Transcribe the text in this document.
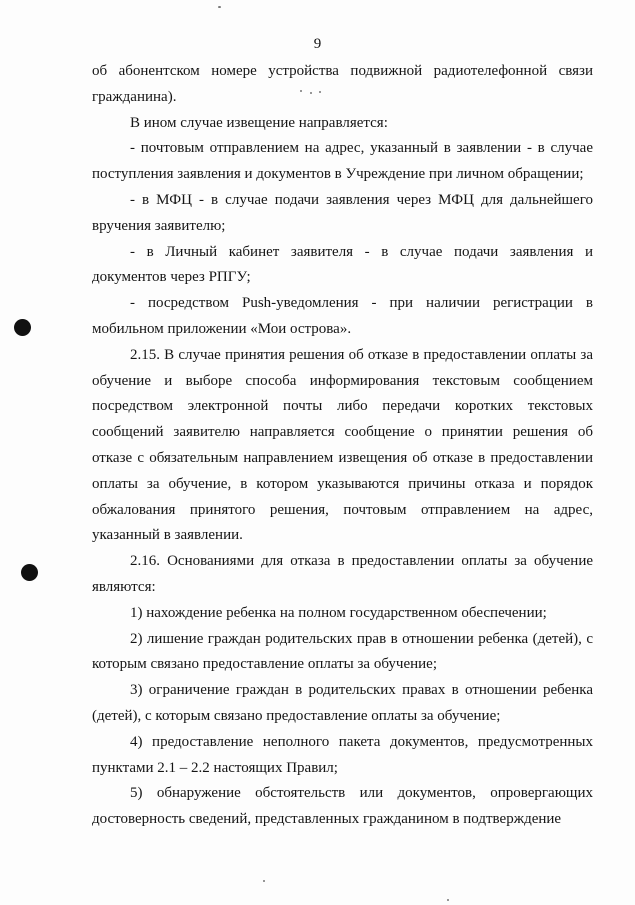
9

об абонентском номере устройства подвижной радиотелефонной связи гражданина).

В ином случае извещение направляется:

- почтовым отправлением на адрес, указанный в заявлении - в случае поступления заявления и документов в Учреждение при личном обращении;

- в МФЦ - в случае подачи заявления через МФЦ для дальнейшего вручения заявителю;

- в Личный кабинет заявителя - в случае подачи заявления и документов через РПГУ;

- посредством Push-уведомления - при наличии регистрации в мобильном приложении «Мои острова».

2.15. В случае принятия решения об отказе в предоставлении оплаты за обучение и выборе способа информирования текстовым сообщением посредством электронной почты либо передачи коротких текстовых сообщений заявителю направляется сообщение о принятии решения об отказе с обязательным направлением извещения об отказе в предоставлении оплаты за обучение, в котором указываются причины отказа и порядок обжалования принятого решения, почтовым отправлением на адрес, указанный в заявлении.

2.16. Основаниями для отказа в предоставлении оплаты за обучение являются:

1) нахождение ребенка на полном государственном обеспечении;

2) лишение граждан родительских прав в отношении ребенка (детей), с которым связано предоставление оплаты за обучение;

3) ограничение граждан в родительских правах в отношении ребенка (детей), с которым связано предоставление оплаты за обучение;

4) предоставление неполного пакета документов, предусмотренных пунктами 2.1 – 2.2 настоящих Правил;

5) обнаружение обстоятельств или документов, опровергающих достоверность сведений, представленных гражданином в подтверждение
